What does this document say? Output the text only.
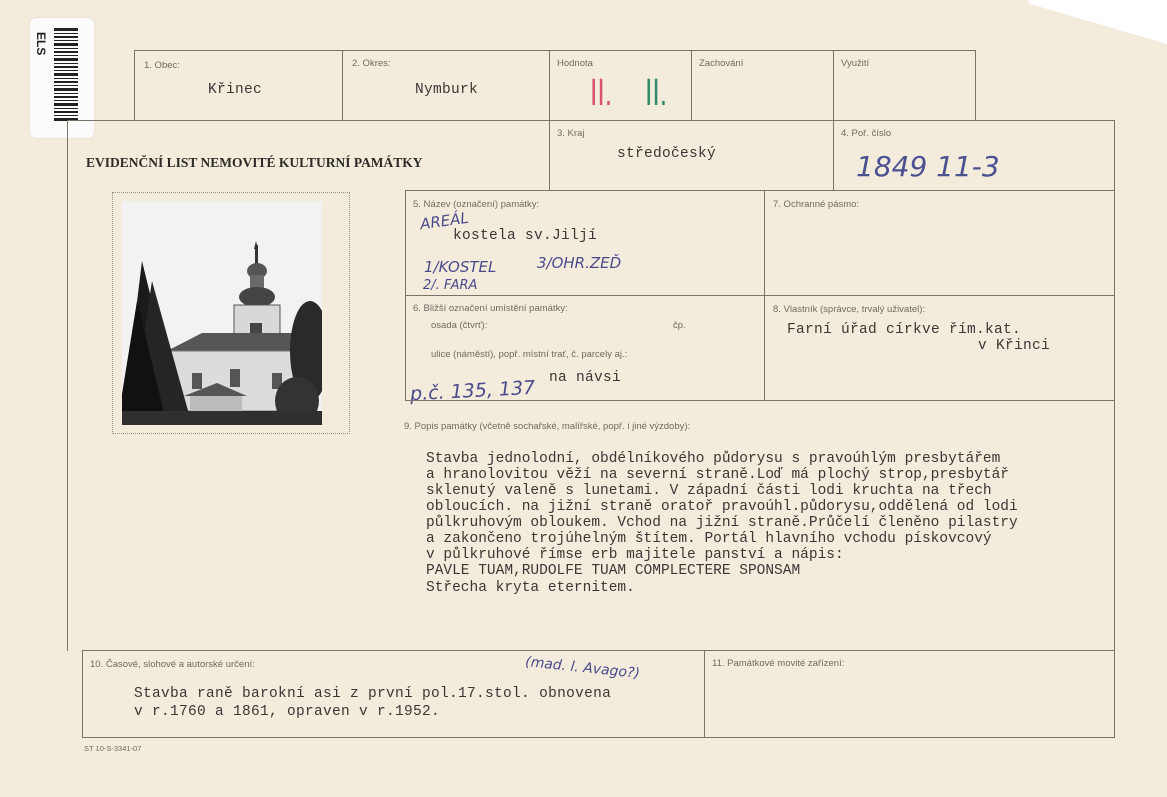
ELS
1. Obec:
Křinec
2. Okres:
Nymburk
Hodnota
II. II.
Zachování	Využití
EVIDENČNÍ LIST NEMOVITÉ KULTURNÍ PAMÁTKY
3. Kraj
středočeský
4. Poř. číslo
1849 11-3
5. Název (označení) památky:
AREÁL
kostela sv.Jiljí
1/KOSTEL	3/OHR.ZEĎ
2/. FARA
7. Ochranné pásmo:
6. Bližší označení umístění památky:
osada (čtvrť):	čp.
ulice (náměstí), popř. místní trať, č. parcely aj.:
na návsi
p.č. 135, 137
8. Vlastník (správce, trvalý uživatel):
Farní úřad církve řím.kat.
v Křinci
9. Popis památky (včetně sochařské, malířské, popř. i jiné výzdoby):
Stavba jednolodní, obdélníkového půdorysu s pravoúhlým presbytářem
a hranolovitou věží na severní straně.Loď má plochý strop,presbytář
sklenutý valeně s lunetami. V západní části lodi kruchta na třech
obloucích. na jižní straně oratoř pravoúhl.půdorysu,oddělená od lodi
půlkruhovým obloukem. Vchod na jižní straně.Průčelí členěno pilastry
a zakončeno trojúhelným štítem. Portál hlavního vchodu pískovcový
v půlkruhové římse erb majitele panství a nápis:
PAVLE TUAM,RUDOLFE TUAM COMPLECTERE SPONSAM
Střecha kryta eternitem.
10. Časové, slohové a autorské určení:	(mad. l. Avago?)
Stavba raně barokní asi z první pol.17.stol. obnovena
v r.1760 a 1861, opraven v r.1952.
11. Památkové movité zařízení:
ST 10-S-3341-07
